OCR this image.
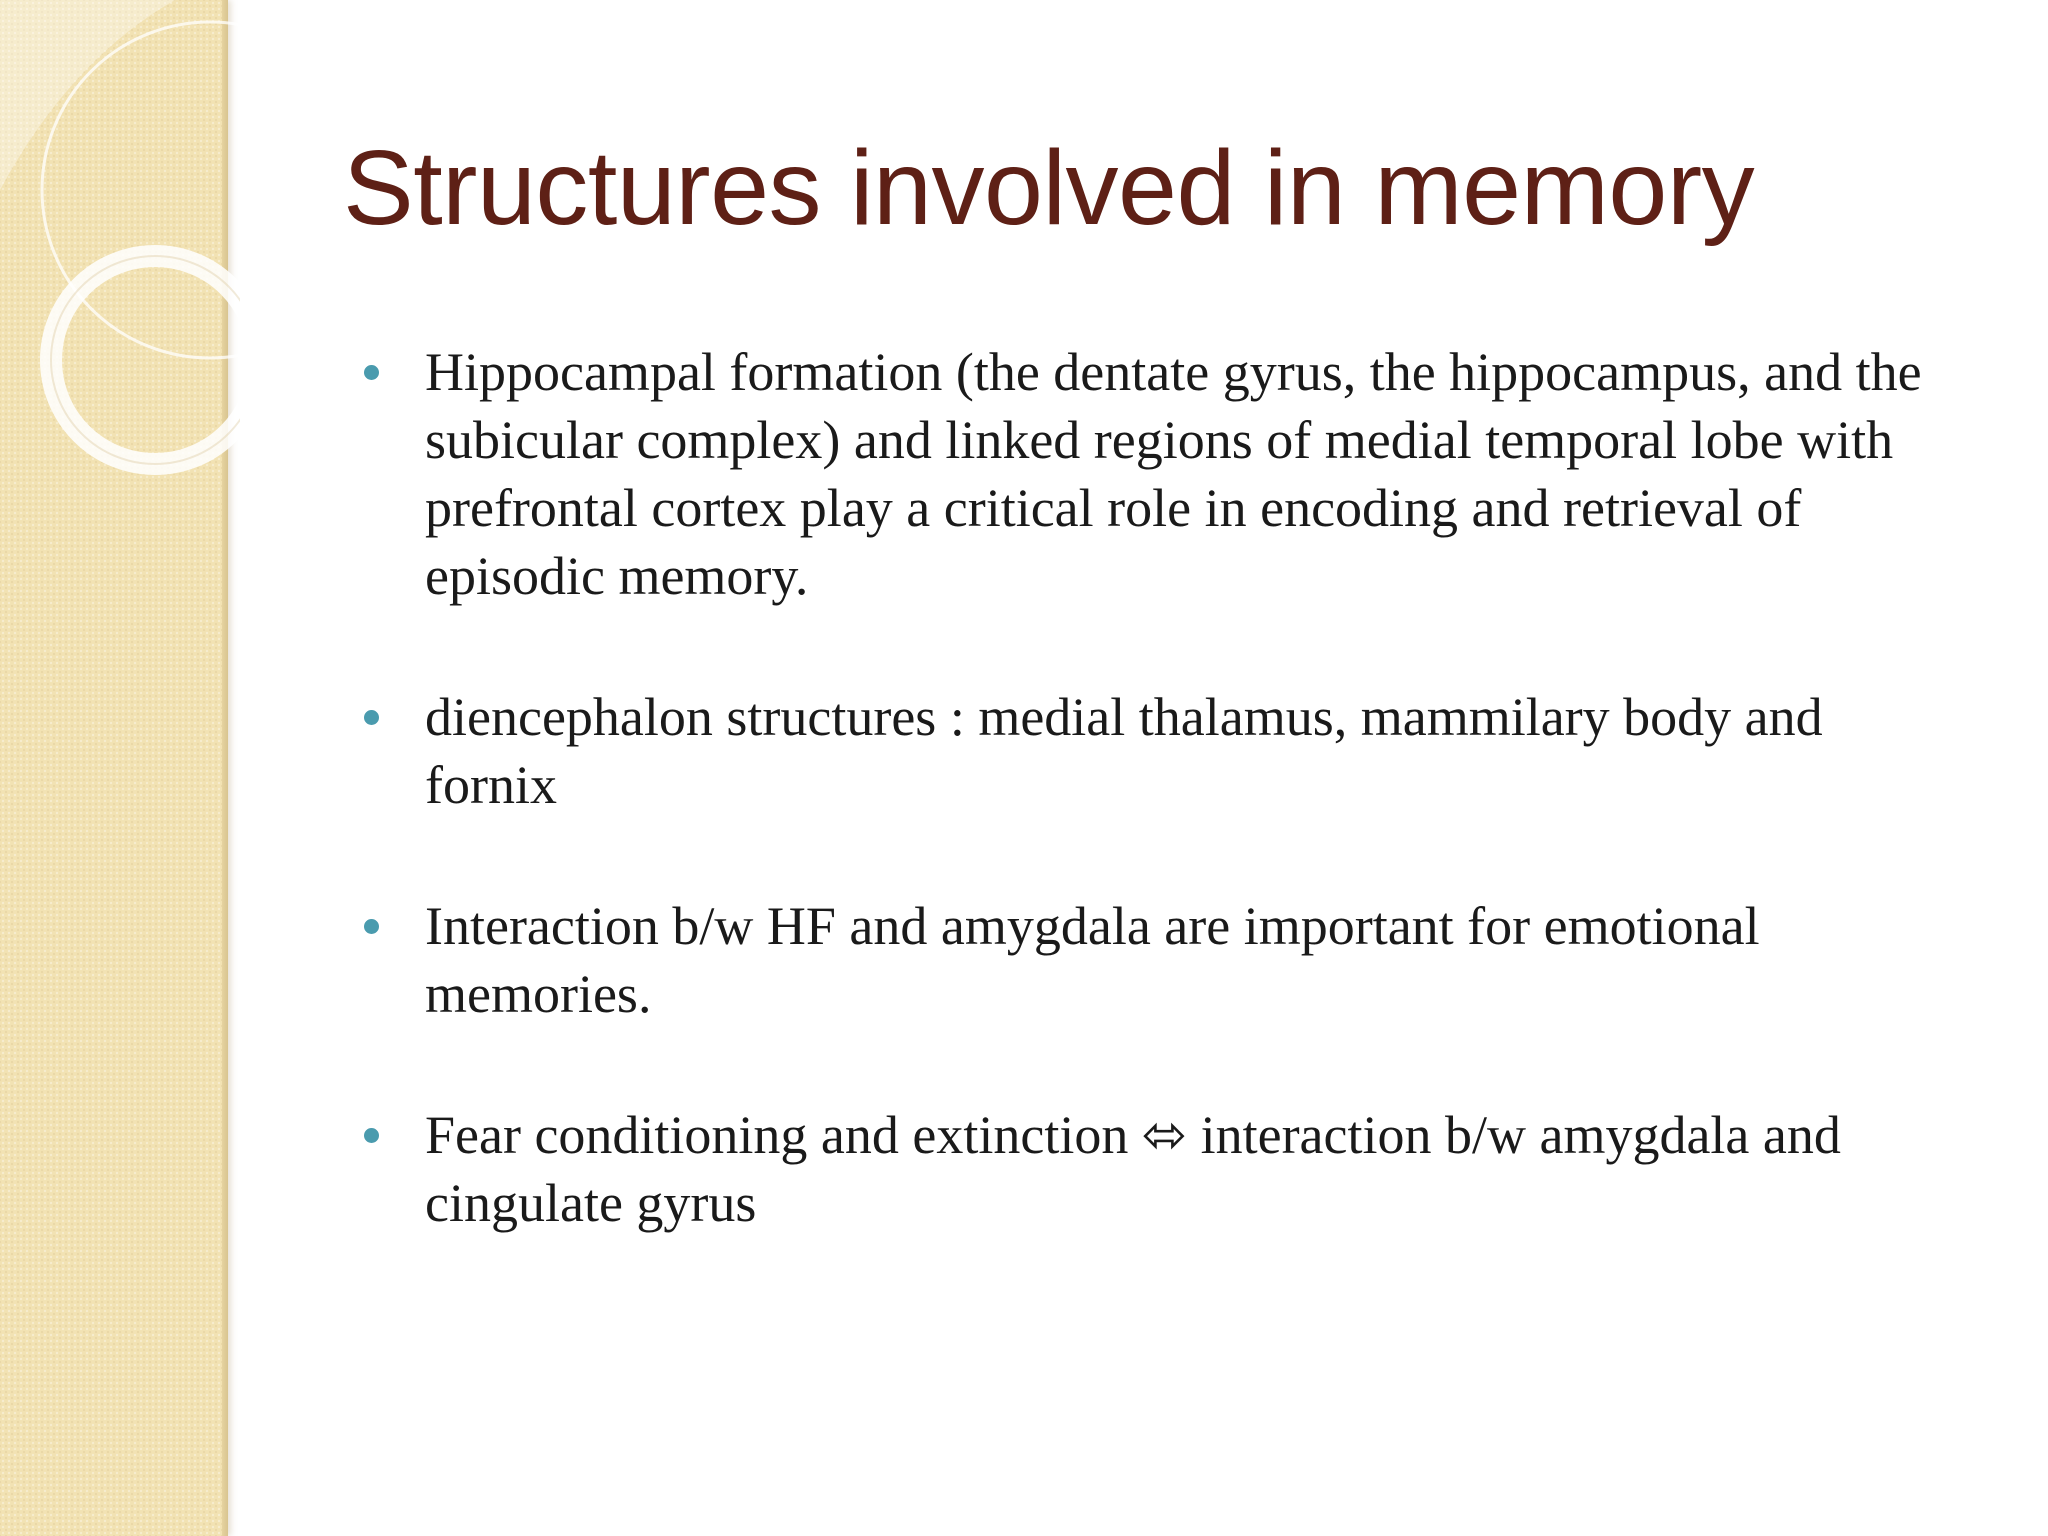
Structures involved in memory
Hippocampal formation (the dentate gyrus, the hippocampus, and the subicular complex) and linked regions of medial temporal lobe with prefrontal cortex play a critical role in encoding and retrieval of episodic memory.
diencephalon structures : medial thalamus, mammilary body and fornix
Interaction b/w HF and amygdala are important for emotional memories.
Fear conditioning and extinction ⬄ interaction b/w amygdala and cingulate gyrus
